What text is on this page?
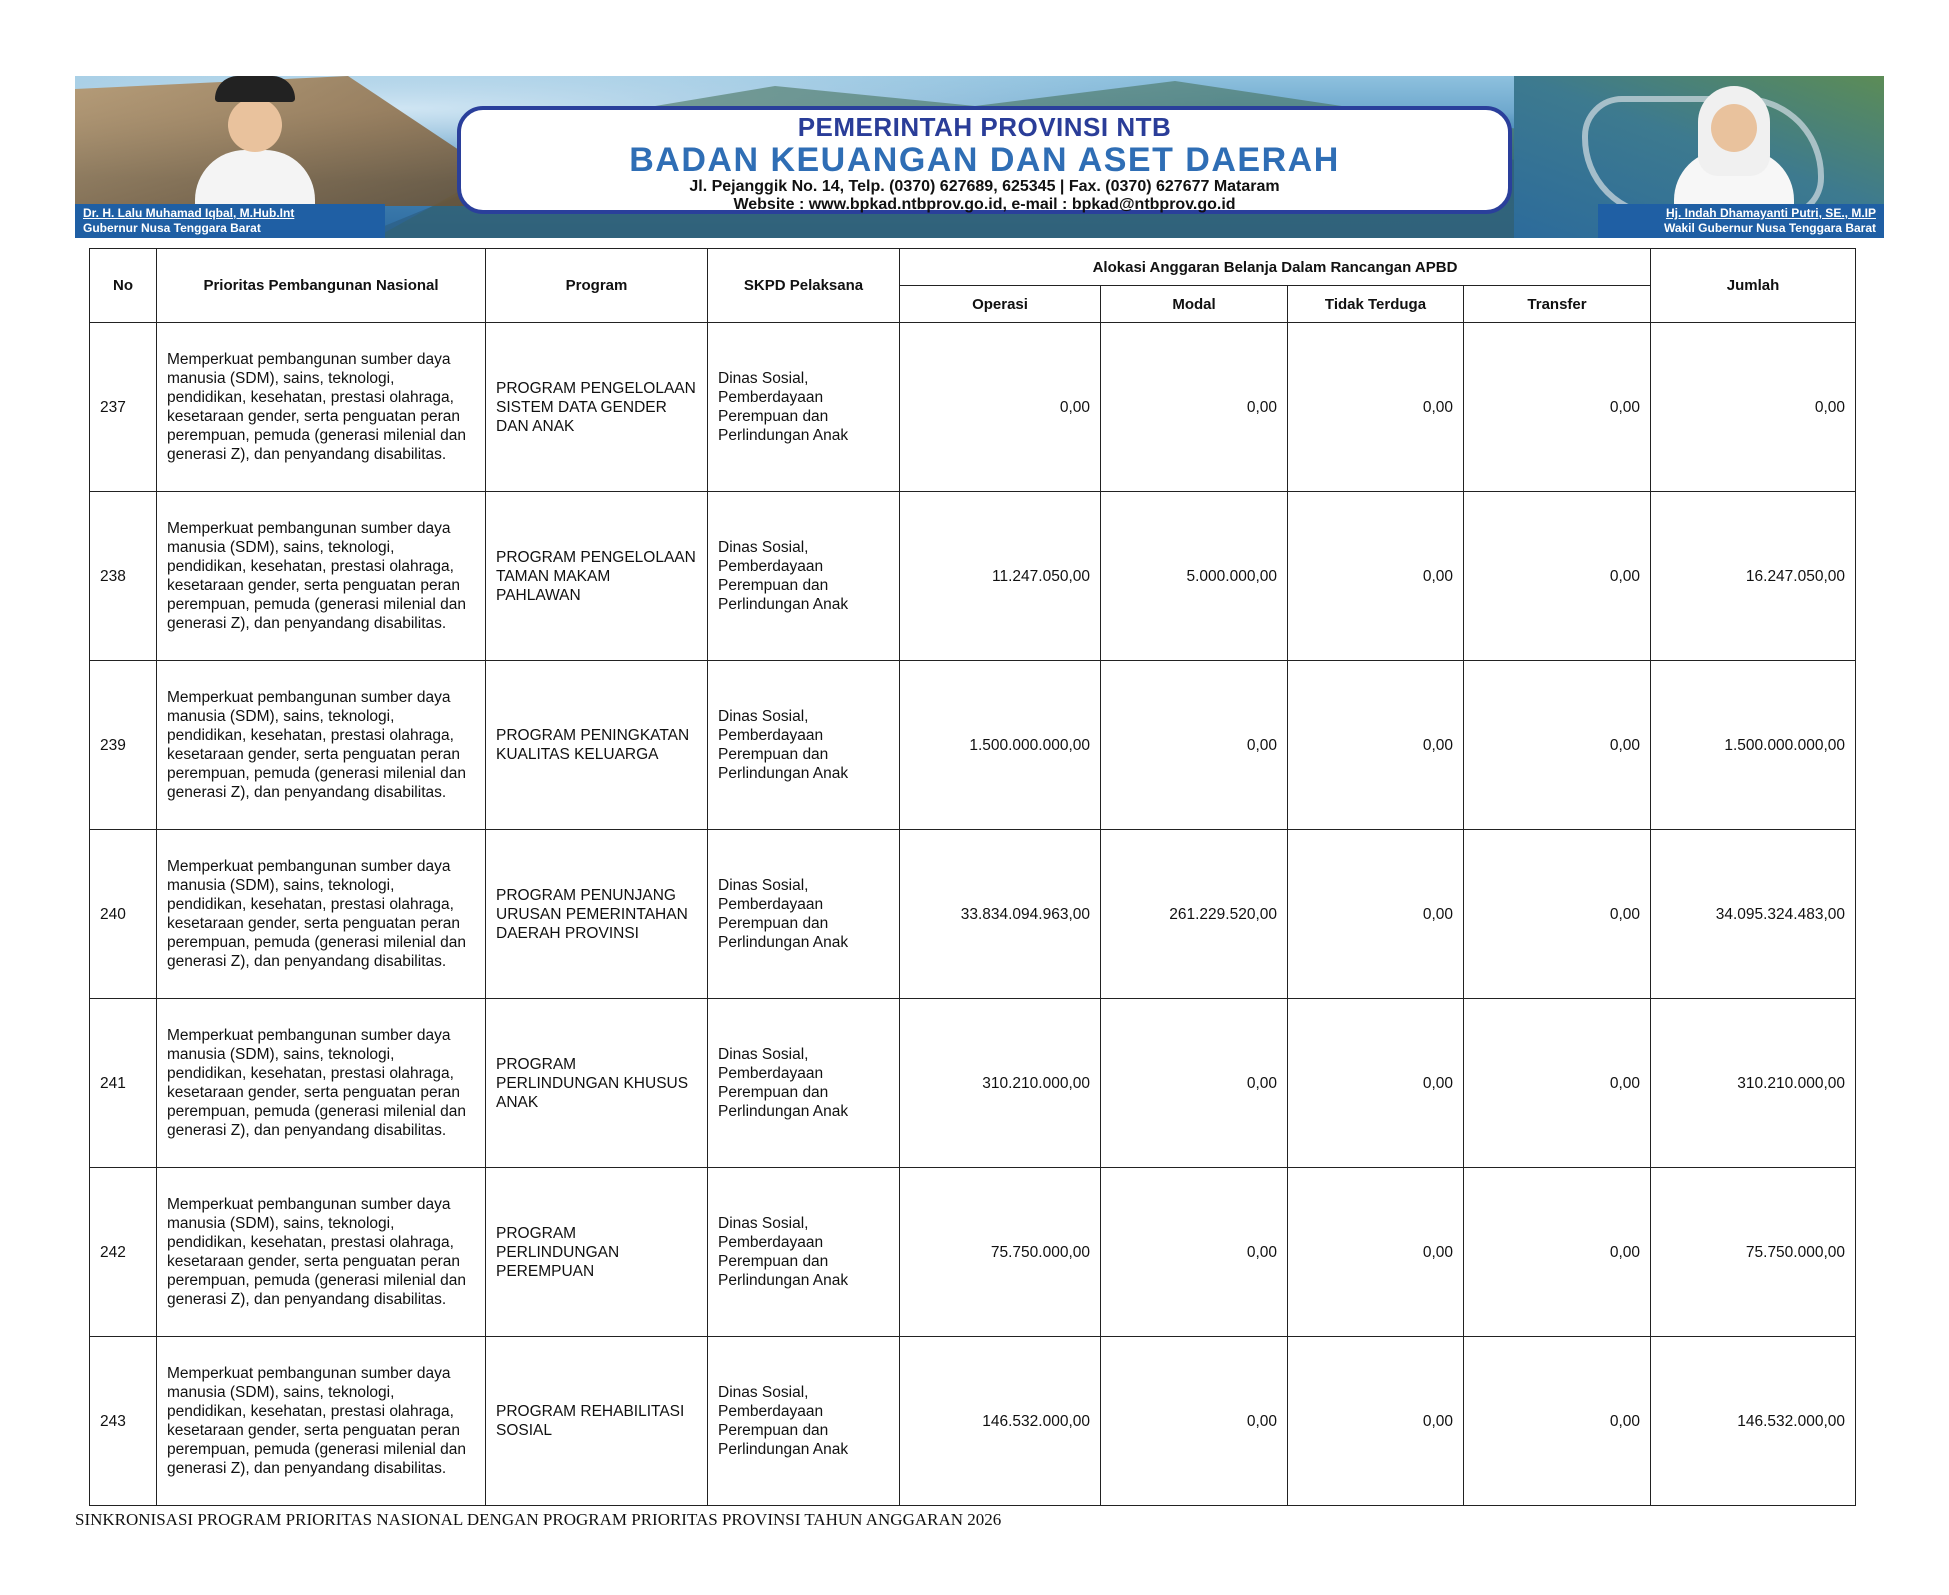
Dr. H. Lalu Muhamad Iqbal, M.Hub.Int
Gubernur Nusa Tenggara Barat
Hj. Indah Dhamayanti Putri, SE., M.IP
Wakil Gubernur Nusa Tenggara Barat
PEMERINTAH PROVINSI NTB
BADAN KEUANGAN DAN ASET DAERAH
Jl. Pejanggik No. 14, Telp. (0370) 627689, 625345 | Fax. (0370) 627677 Mataram
Website : www.bpkad.ntbprov.go.id, e-mail : bpkad@ntbprov.go.id
No	Prioritas Pembangunan Nasional	Program	SKPD Pelaksana	Alokasi Anggaran Belanja Dalam Rancangan APBD				Jumlah
				Operasi	Modal	Tidak Terduga	Transfer	
237	Memperkuat pembangunan sumber daya manusia (SDM), sains, teknologi, pendidikan, kesehatan, prestasi olahraga, kesetaraan gender, serta penguatan peran perempuan, pemuda (generasi milenial dan generasi Z), dan penyandang disabilitas.	PROGRAM PENGELOLAAN SISTEM DATA GENDER DAN ANAK	Dinas Sosial, Pemberdayaan Perempuan dan Perlindungan Anak	0,00	0,00	0,00	0,00	0,00
238	Memperkuat pembangunan sumber daya manusia (SDM), sains, teknologi, pendidikan, kesehatan, prestasi olahraga, kesetaraan gender, serta penguatan peran perempuan, pemuda (generasi milenial dan generasi Z), dan penyandang disabilitas.	PROGRAM PENGELOLAAN TAMAN MAKAM PAHLAWAN	Dinas Sosial, Pemberdayaan Perempuan dan Perlindungan Anak	11.247.050,00	5.000.000,00	0,00	0,00	16.247.050,00
239	Memperkuat pembangunan sumber daya manusia (SDM), sains, teknologi, pendidikan, kesehatan, prestasi olahraga, kesetaraan gender, serta penguatan peran perempuan, pemuda (generasi milenial dan generasi Z), dan penyandang disabilitas.	PROGRAM PENINGKATAN KUALITAS KELUARGA	Dinas Sosial, Pemberdayaan Perempuan dan Perlindungan Anak	1.500.000.000,00	0,00	0,00	0,00	1.500.000.000,00
240	Memperkuat pembangunan sumber daya manusia (SDM), sains, teknologi, pendidikan, kesehatan, prestasi olahraga, kesetaraan gender, serta penguatan peran perempuan, pemuda (generasi milenial dan generasi Z), dan penyandang disabilitas.	PROGRAM PENUNJANG URUSAN PEMERINTAHAN DAERAH PROVINSI	Dinas Sosial, Pemberdayaan Perempuan dan Perlindungan Anak	33.834.094.963,00	261.229.520,00	0,00	0,00	34.095.324.483,00
241	Memperkuat pembangunan sumber daya manusia (SDM), sains, teknologi, pendidikan, kesehatan, prestasi olahraga, kesetaraan gender, serta penguatan peran perempuan, pemuda (generasi milenial dan generasi Z), dan penyandang disabilitas.	PROGRAM PERLINDUNGAN KHUSUS ANAK	Dinas Sosial, Pemberdayaan Perempuan dan Perlindungan Anak	310.210.000,00	0,00	0,00	0,00	310.210.000,00
242	Memperkuat pembangunan sumber daya manusia (SDM), sains, teknologi, pendidikan, kesehatan, prestasi olahraga, kesetaraan gender, serta penguatan peran perempuan, pemuda (generasi milenial dan generasi Z), dan penyandang disabilitas.	PROGRAM PERLINDUNGAN PEREMPUAN	Dinas Sosial, Pemberdayaan Perempuan dan Perlindungan Anak	75.750.000,00	0,00	0,00	0,00	75.750.000,00
243	Memperkuat pembangunan sumber daya manusia (SDM), sains, teknologi, pendidikan, kesehatan, prestasi olahraga, kesetaraan gender, serta penguatan peran perempuan, pemuda (generasi milenial dan generasi Z), dan penyandang disabilitas.	PROGRAM REHABILITASI SOSIAL	Dinas Sosial, Pemberdayaan Perempuan dan Perlindungan Anak	146.532.000,00	0,00	0,00	0,00	146.532.000,00
SINKRONISASI PROGRAM PRIORITAS NASIONAL DENGAN PROGRAM PRIORITAS PROVINSI TAHUN ANGGARAN 2026
